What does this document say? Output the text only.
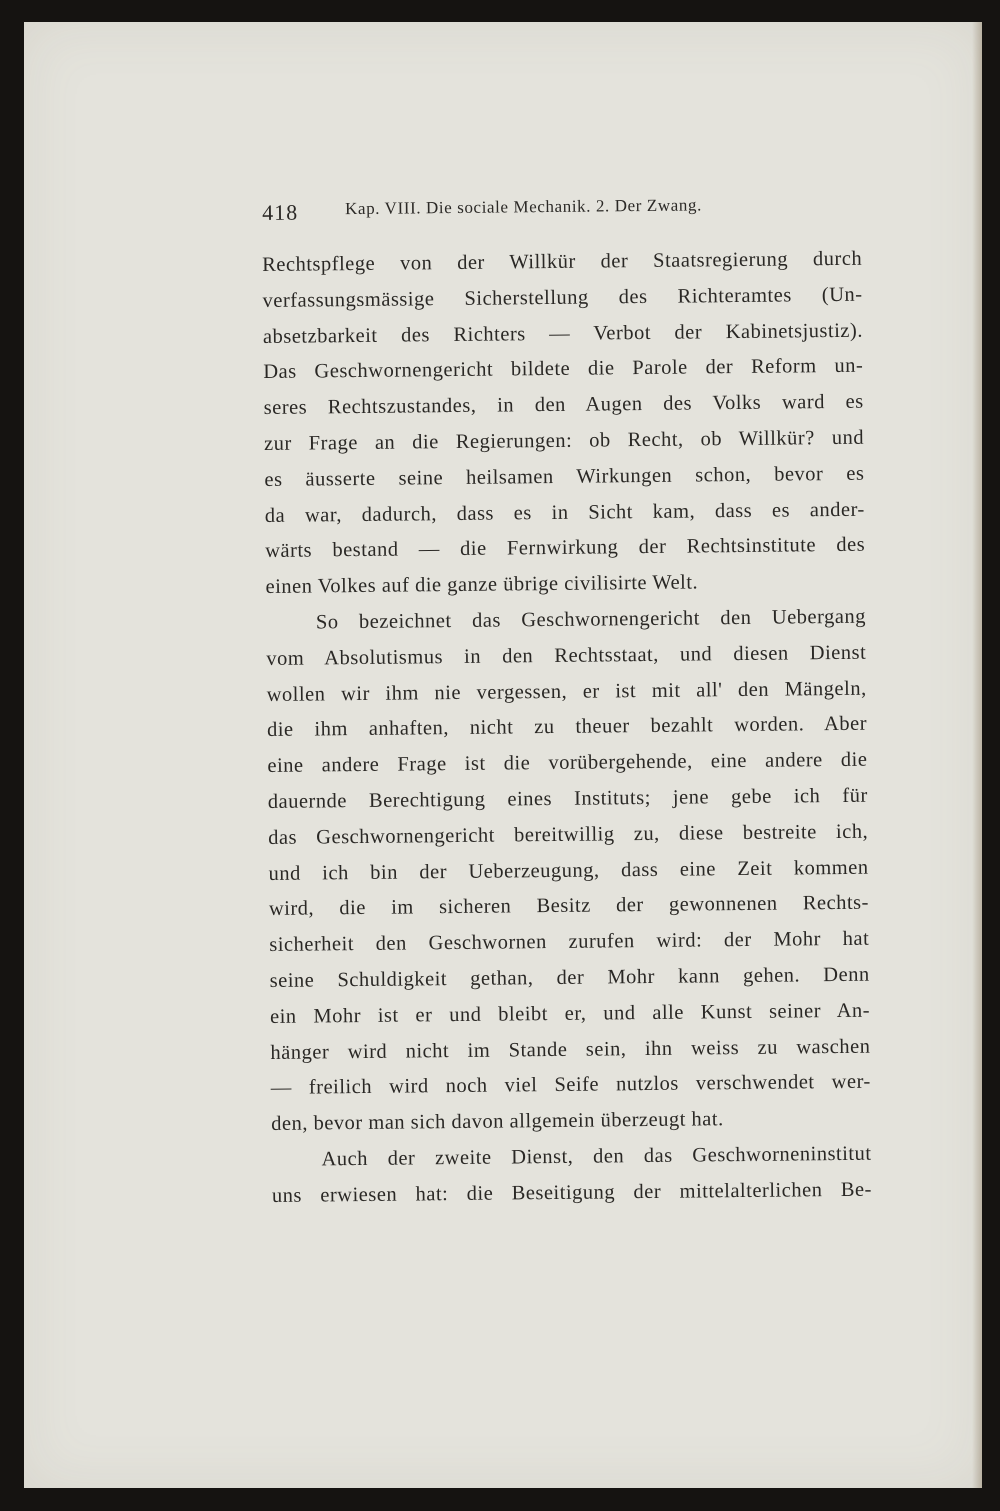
418	Kap. VIII. Die sociale Mechanik. 2. Der Zwang.
Rechtspflege von der Willkür der Staatsregierung durch
verfassungsmässige Sicherstellung des Richteramtes (Un-
absetzbarkeit des Richters — Verbot der Kabinetsjustiz).
Das Geschwornengericht bildete die Parole der Reform un-
seres Rechtszustandes, in den Augen des Volks ward es
zur Frage an die Regierungen: ob Recht, ob Willkür? und
es äusserte seine heilsamen Wirkungen schon, bevor es
da war, dadurch, dass es in Sicht kam, dass es ander-
wärts bestand — die Fernwirkung der Rechtsinstitute des
einen Volkes auf die ganze übrige civilisirte Welt.
So bezeichnet das Geschwornengericht den Uebergang
vom Absolutismus in den Rechtsstaat, und diesen Dienst
wollen wir ihm nie vergessen, er ist mit all' den Mängeln,
die ihm anhaften, nicht zu theuer bezahlt worden. Aber
eine andere Frage ist die vorübergehende, eine andere die
dauernde Berechtigung eines Instituts; jene gebe ich für
das Geschwornengericht bereitwillig zu, diese bestreite ich,
und ich bin der Ueberzeugung, dass eine Zeit kommen
wird, die im sicheren Besitz der gewonnenen Rechts-
sicherheit den Geschwornen zurufen wird: der Mohr hat
seine Schuldigkeit gethan, der Mohr kann gehen. Denn
ein Mohr ist er und bleibt er, und alle Kunst seiner An-
hänger wird nicht im Stande sein, ihn weiss zu waschen
— freilich wird noch viel Seife nutzlos verschwendet wer-
den, bevor man sich davon allgemein überzeugt hat.
Auch der zweite Dienst, den das Geschworneninstitut
uns erwiesen hat: die Beseitigung der mittelalterlichen Be-
